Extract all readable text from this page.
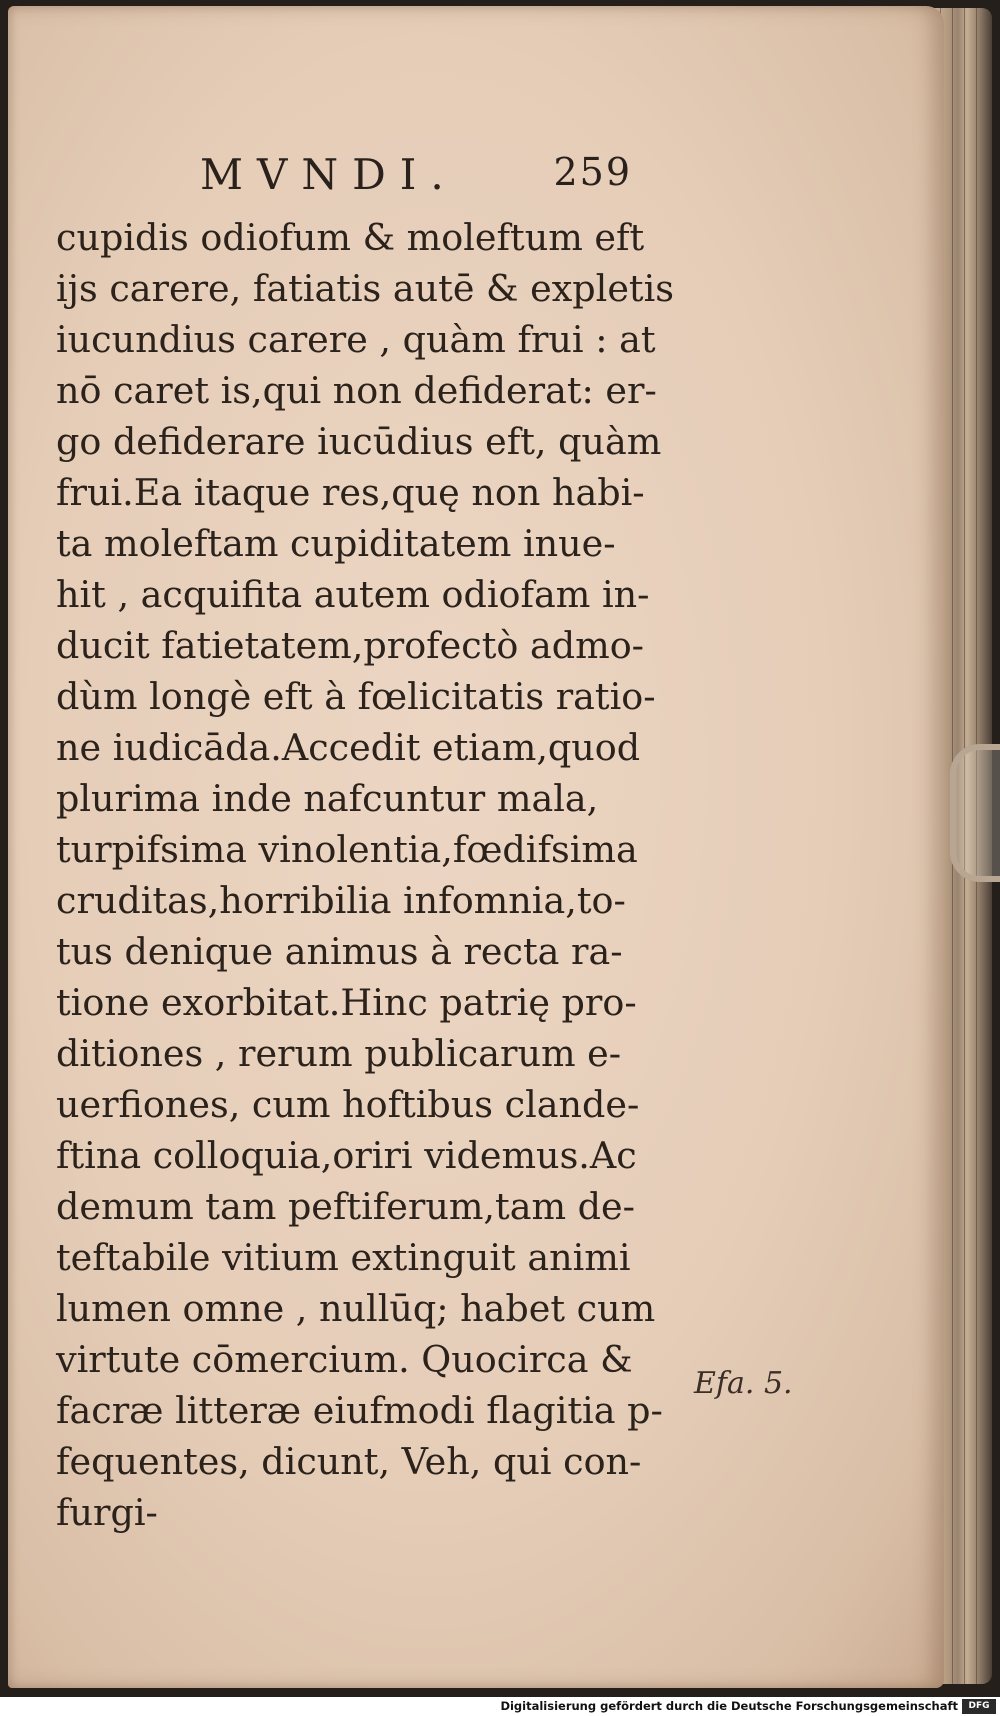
MVNDI.	259
cupidis odiofum & moleftum eft
ijs carere, fatiatis autē & expletis
iucundius carere , quàm frui : at
nō caret is,qui non defiderat: er-
go defiderare iucūdius eft, quàm
frui.Ea itaque res,quę non habi-
ta moleftam cupiditatem inue-
hit , acquifita autem odiofam in-
ducit fatietatem,profectò admo-
dùm longè eft à fœlicitatis ratio-
ne iudicāda.Accedit etiam,quod
plurima inde nafcuntur mala,
turpifsima vinolentia,fœdifsima
cruditas,horribilia infomnia,to-
tus denique animus à recta ra-
tione exorbitat.Hinc patrię pro-
ditiones , rerum publicarum e-
uerfiones, cum hoftibus clande-
ftina colloquia,oriri videmus.Ac
demum tam peftiferum,tam de-
teftabile vitium extinguit animi
lumen omne , nullūq; habet cum
virtute cōmercium. Quocirca &
facræ litteræ eiufmodi flagitia p-
fequentes, dicunt, Veh, qui con-
furgi-
Efa. 5.
Digitalisierung gefördert durch die Deutsche Forschungsgemeinschaft	DFG
